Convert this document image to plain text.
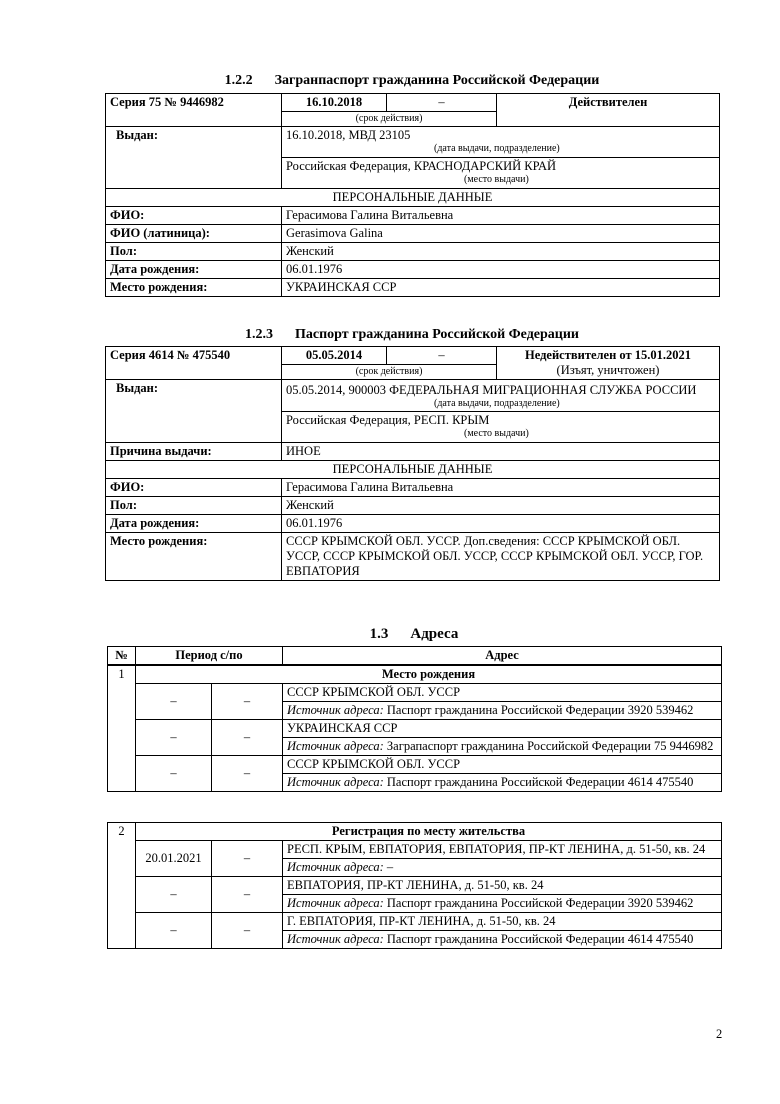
1.2.2 Загранпаспорт гражданина Российской Федерации
Серия 75 № 9446982	16.10.2018	–	Действителен
	(срок действия)		
Выдан:	16.10.2018, МВД 23105
(дата выдачи, подразделение)		

	Российская Федерация, КРАСНОДАРСКИЙ КРАЙ
(место выдачи)		

ПЕРСОНАЛЬНЫЕ ДАННЫЕ			
ФИО:	Герасимова Галина Витальевна		
ФИО (латиница):	Gerasimova Galina		
Пол:	Женский		
Дата рождения:	06.01.1976		
Место рождения:	УКРАИНСКАЯ ССР		
1.2.3 Паспорт гражданина Российской Федерации
Серия 4614 № 475540	05.05.2014	–	Недействителен от 15.01.2021
(Изъят, уничтожен)

	(срок действия)		
Выдан:	05.05.2014, 900003 ФЕДЕРАЛЬНАЯ МИГРАЦИОННАЯ СЛУЖБА РОССИИ
(дата выдачи, подразделение)		

	Российская Федерация, РЕСП. КРЫМ
(место выдачи)		

Причина выдачи:	ИНОЕ		
ПЕРСОНАЛЬНЫЕ ДАННЫЕ			
ФИО:	Герасимова Галина Витальевна		
Пол:	Женский		
Дата рождения:	06.01.1976		
Место рождения:	СССР КРЫМСКОЙ ОБЛ. УССР. Доп.сведения: СССР КРЫМСКОЙ ОБЛ. УССР, СССР КРЫМСКОЙ ОБЛ. УССР, СССР КРЫМСКОЙ ОБЛ. УССР, ГОР. ЕВПАТОРИЯ		
1.3 Адреса
№	Период с/по	Адрес
1	Место рождения		
	–	–	СССР КРЫМСКОЙ ОБЛ. УССР
			Источник адреса: Паспорт гражданина Российской Федерации 3920 539462
	–	–	УКРАИНСКАЯ ССР
			Источник адреса: Заграпаспорт гражданина Российской Федерации 75 9446982
	–	–	СССР КРЫМСКОЙ ОБЛ. УССР
			Источник адреса: Паспорт гражданина Российской Федерации 4614 475540
2	Регистрация по месту жительства		
	20.01.2021	–	РЕСП. КРЫМ, ЕВПАТОРИЯ, ЕВПАТОРИЯ, ПР-КТ ЛЕНИНА, д. 51-50, кв. 24
			Источник адреса: –
	–	–	ЕВПАТОРИЯ, ПР-КТ ЛЕНИНА, д. 51-50, кв. 24
			Источник адреса: Паспорт гражданина Российской Федерации 3920 539462
	–	–	Г. ЕВПАТОРИЯ, ПР-КТ ЛЕНИНА, д. 51-50, кв. 24
			Источник адреса: Паспорт гражданина Российской Федерации 4614 475540
2
